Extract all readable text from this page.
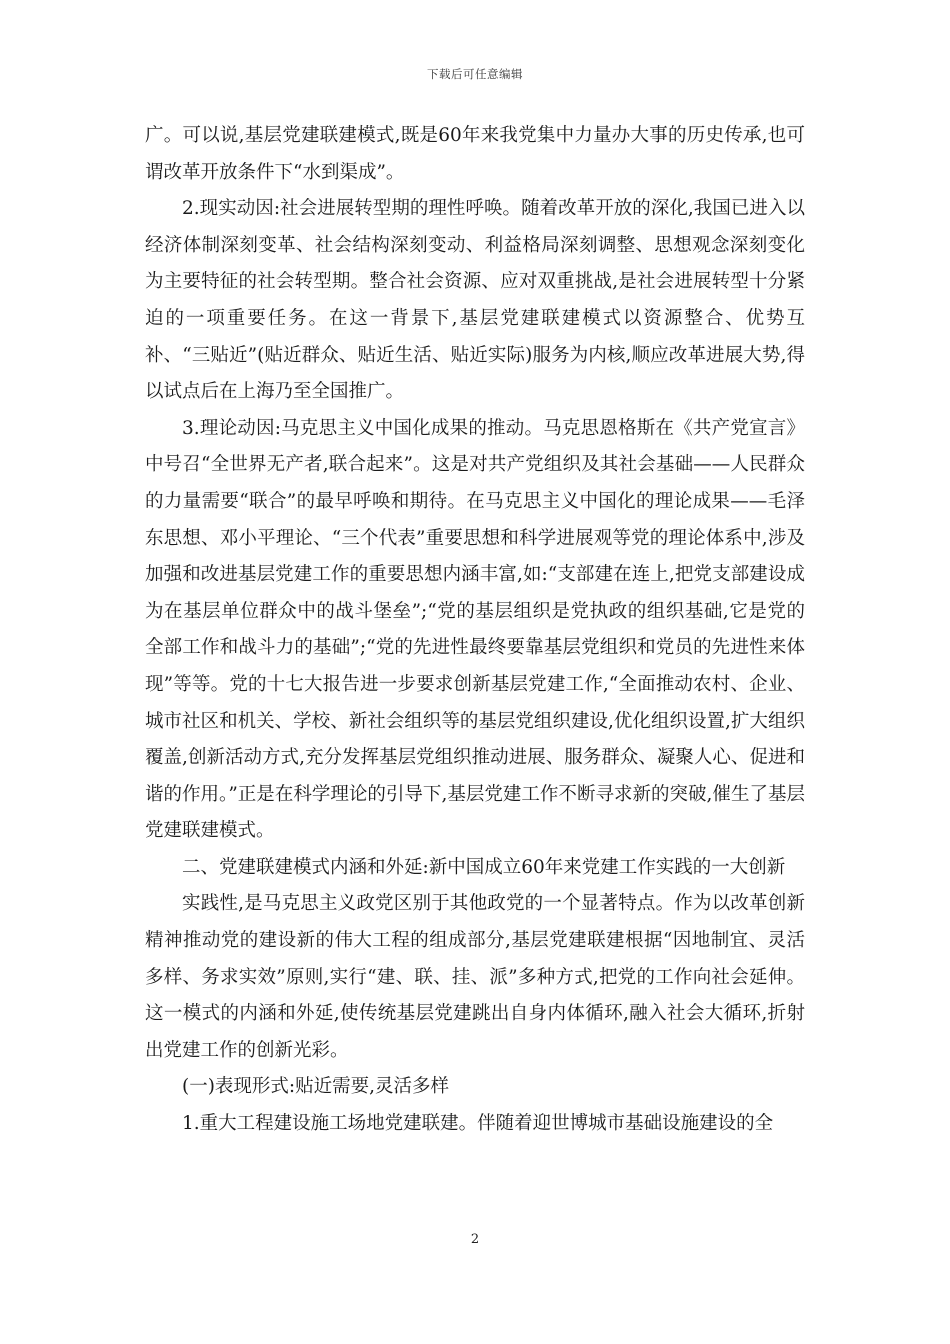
下载后可任意编辑

广。可以说,基层党建联建模式,既是60年来我党集中力量办大事的历史传承,也可谓改革开放条件下“水到渠成”。

2.现实动因:社会进展转型期的理性呼唤。随着改革开放的深化,我国已进入以经济体制深刻变革、社会结构深刻变动、利益格局深刻调整、思想观念深刻变化为主要特征的社会转型期。整合社会资源、应对双重挑战,是社会进展转型十分紧迫的一项重要任务。在这一背景下,基层党建联建模式以资源整合、优势互补、“三贴近”(贴近群众、贴近生活、贴近实际)服务为内核,顺应改革进展大势,得以试点后在上海乃至全国推广。

3.理论动因:马克思主义中国化成果的推动。马克思恩格斯在《共产党宣言》中号召“全世界无产者,联合起来”。这是对共产党组织及其社会基础——人民群众的力量需要“联合”的最早呼唤和期待。在马克思主义中国化的理论成果——毛泽东思想、邓小平理论、“三个代表”重要思想和科学进展观等党的理论体系中,涉及加强和改进基层党建工作的重要思想内涵丰富,如:“支部建在连上,把党支部建设成为在基层单位群众中的战斗堡垒”;“党的基层组织是党执政的组织基础,它是党的全部工作和战斗力的基础”;“党的先进性最终要靠基层党组织和党员的先进性来体现”等等。党的十七大报告进一步要求创新基层党建工作,“全面推动农村、企业、城市社区和机关、学校、新社会组织等的基层党组织建设,优化组织设置,扩大组织覆盖,创新活动方式,充分发挥基层党组织推动进展、服务群众、凝聚人心、促进和谐的作用。”正是在科学理论的引导下,基层党建工作不断寻求新的突破,催生了基层党建联建模式。

二、党建联建模式内涵和外延:新中国成立60年来党建工作实践的一大创新

实践性,是马克思主义政党区别于其他政党的一个显著特点。作为以改革创新精神推动党的建设新的伟大工程的组成部分,基层党建联建根据“因地制宜、灵活多样、务求实效”原则,实行“建、联、挂、派”多种方式,把党的工作向社会延伸。这一模式的内涵和外延,使传统基层党建跳出自身内体循环,融入社会大循环,折射出党建工作的创新光彩。

(一)表现形式:贴近需要,灵活多样

1.重大工程建设施工场地党建联建。伴随着迎世博城市基础设施建设的全

2
